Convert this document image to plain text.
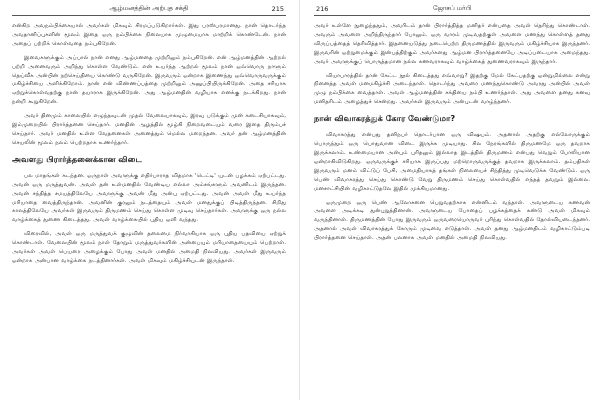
ஆழ்மனத்தின் அற்புத சக்தி	215

என்கிற அவநம்பிக்கையால் அவர்கள் மிகவும் சிரமப்படுகிறார்கள். இது பரஸ்பரமானது. நான் தொடர்ந்த அவதானிப்புகளின் மூலம் இதை ஒரு நம்பிக்கை நிலையாக முழுமையாக மாற்றிக் கொண்டேன். நான் அதைப் பற்றிக் கொள்வதை நம்புகிறேன்.

இவைகளுக்கும் அப்பால் நான் எனது ஆழ்மனதை முற்றிலும் நம்புகிறேன். என் ஆழ்மனத்தின் ஆற்றல் பற்றி அனைவரும் அறிந்து கொள்ள வேண்டும். என் உயர்ந்த ஆற்றல் மூலம் நான் ஒவ்வொரு நாளும் தெய்வீக அன்பின் நற்செய்தியை கொண்டு வருகிறேன். இருவரும் ஒன்றாக இணைந்து ஒவ்வொருவருக்கும் மகிழ்ச்சியை அளிக்கிறோம். நான் என் விண்ணப்பத்தை முற்றிலும் அனுப்பியிருக்கிறேன். அதை சரியாக ஏற்றுக்கொள்வதற்கு நான் தயாராக இருக்கிறேன். அது ஆழ்மனதின் வழியாக எனக்கு நடக்கிறது. நான் நன்றி கூறுகிறேன்.

அவர் தினமும் காலையில் எழுந்தவுடன் முதல் வேலையாகவும், இரவு படுக்கும் முன் கடைசியாகவும், இம்முறையில் பிரார்த்தனை செய்தார். மனதின் ஆழத்தில் மூழ்கி நிறைவடையும் வரை இதை திரும்பச் செய்தார். அவர் மனதில் உள்ள வேதனைகள் அனைத்தும் மெல்ல மறைந்தன. அவர் தன் ஆழ்மனத்தின் செயலின் மூலம் நலம் பெற்றதாக உணர்ந்தார்.

அவளது பிரார்த்தனைக்கான விடை

பல மாதங்கள் கடந்தன. ஒருநாள் அவளுக்கு எதிர்பாராத விதமாக 'டெட்டி' யுடன் பழக்கம் ஏற்பட்டது. அவன் ஒரு மருத்துவன். அவள் தன் உள்மனதில் வேண்டிய எல்லா அம்சங்களும் அவனிடம் இருந்தன. அவன் சந்தித்த சமயத்திலேயே அவளுக்கு அவன் மீது அன்பு ஏற்பட்டது. அவன் அவள் மீது உயர்ந்த மரியாதை வைத்திருந்தான். அவனின் குரலும் நடத்தையும் அவள் மனதுக்குப் பிடித்திருந்தன. சிறிது காலத்திலேயே அவர்கள் இருவரும் திருமணம் செய்து கொள்ள முடிவு செய்தார்கள். அவளுக்கு ஒரு நல்ல வாழ்க்கைத் துணை கிடைத்தது. அவள் வாழ்க்கையில் புதிய ஒளி வந்தது.

விரைவில், அவள் ஒரு மருத்துவக் குழுவின் தலைமை நிர்வாகியாக ஒரு புதிய பதவியை ஏற்றுக் கொண்டாள். வேலையின் மூலம் நாள் தோறும் மருத்துவர்களின் அன்பையும் மரியாதையையும் பெற்றாள். அவர்கள் அவள் பெயரை அழைக்கும் போது அவள் மனதில் அமைதி நிலவியது. அவர்கள் இருவரும் ஒன்றாக அன்பான வாழ்க்கை நடத்தினார்கள். அவள் மிகவும் மகிழ்ச்சியுடன் இருந்தாள்.

216	ஜோசப் மர்பி

அவர் உள்ளே நுழைந்ததும், அவரிடம் தான் பிரார்த்தித்த மனிதர் என்பதை அவள் தெரிந்து கொண்டாள். அவரும் அவளை அறிந்திருந்தார் போலும். ஒரு வாரம் முடிவதற்குள் அவளை மணந்து கொள்ளத் தனது விருப்பத்தைத் தெரிவித்தார். இதனையடுத்து நடைபெற்ற திருமணத்தில் இருவரும் மகிழ்ச்சியாக இருந்தனர். இருவரின் ஒற்றுமைக்கும் இன்பத்திற்கும் அவர்களது ஆழ்மன பிரார்த்தனையே அடிப்படையாக அமைந்தது. அவர் அவளுக்குப் பொருத்தமான நல்ல கணவராகவும் வாழ்க்கைத் துணைவராகவும் இருந்தார்.

வியாபாரத்தில் தான் கேட்ட நூல் கிடைத்தது எவ்வாறு? இதற்கு மேல் கேட்பதற்கு ஒன்றுமில்லை என்று நினைத்த அவள் மனமகிழ்ச்சி அடைந்தாள். தொடர்ந்து அவரை மணந்துகொண்டு அவரது அன்பில் அவள் முழு நம்பிக்கை வைத்தாள். அவள் ஆழ்மனத்தின் சக்தியை நம்பி உணர்ந்தாள். அது அவளை தனது கனவு மனிதரிடம் அழைத்துச் சென்றது. அவர்கள் இருவரும் அன்புடன் வாழ்ந்தனர்.

நான் விவாகரத்துக் கோர வேண்டுமா?

விவாகரத்து என்பது தனிநபர் தொடர்பான ஒரு விஷயம். அதனால் அதற்கு எல்லோருக்கும் பொருந்தும் ஒரு பொதுவான விடை இருக்க முடியாது. சில நேரங்களில் திருமணமே ஒரு தவறாக இருக்கலாம். உண்மையான அன்பும் புரிதலும் இல்லாத இடத்தில் திருமணம் என்பது வெறும் போலியான ஒன்றாகிவிடுகிறது. ஒருவருக்குச் சரியாக இருப்பது மற்றொருவருக்குத் தவறாக இருக்கலாம். தம்பதிகள் இருவரும் மனம் விட்டுப் பேசி, அமைதியாகத் தங்கள் நிலையைச் சிந்தித்து முடிவெடுக்க வேண்டும். ஒரு பெண் விவாகரத்து செய்து கொண்டு வேறு திருமணம் செய்து கொள்வதில் எந்தத் தவறும் இல்லை. மனசாட்சியின் வழிகாட்டுதலே இதில் முக்கியமானது.

ஒருமுறை ஒரு பெண் ஆலோசனை பெறுவதற்காக என்னிடம் வந்தாள். அவளுடைய கணவன் அவளை அடிக்கடி துன்புறுத்தினான். அவளுடைய போதைப் பழக்கத்தைக் கண்டு அவள் மிகவும் வருந்தினாள். திருமணத்தின் போது இருவரும் ஒருவரையொருவர் புரிந்து கொள்வதில் தோல்வியடைந்தனர். அதனால் அவள் விவாகரத்துக் கோரும் முடிவை எடுத்தாள். அவள் தனது ஆழ்மனதிடம் வழிகாட்டும்படி பிரார்த்தனை செய்தாள். அதன் பலனாக அவள் மனதில் அமைதி நிலவியது.
